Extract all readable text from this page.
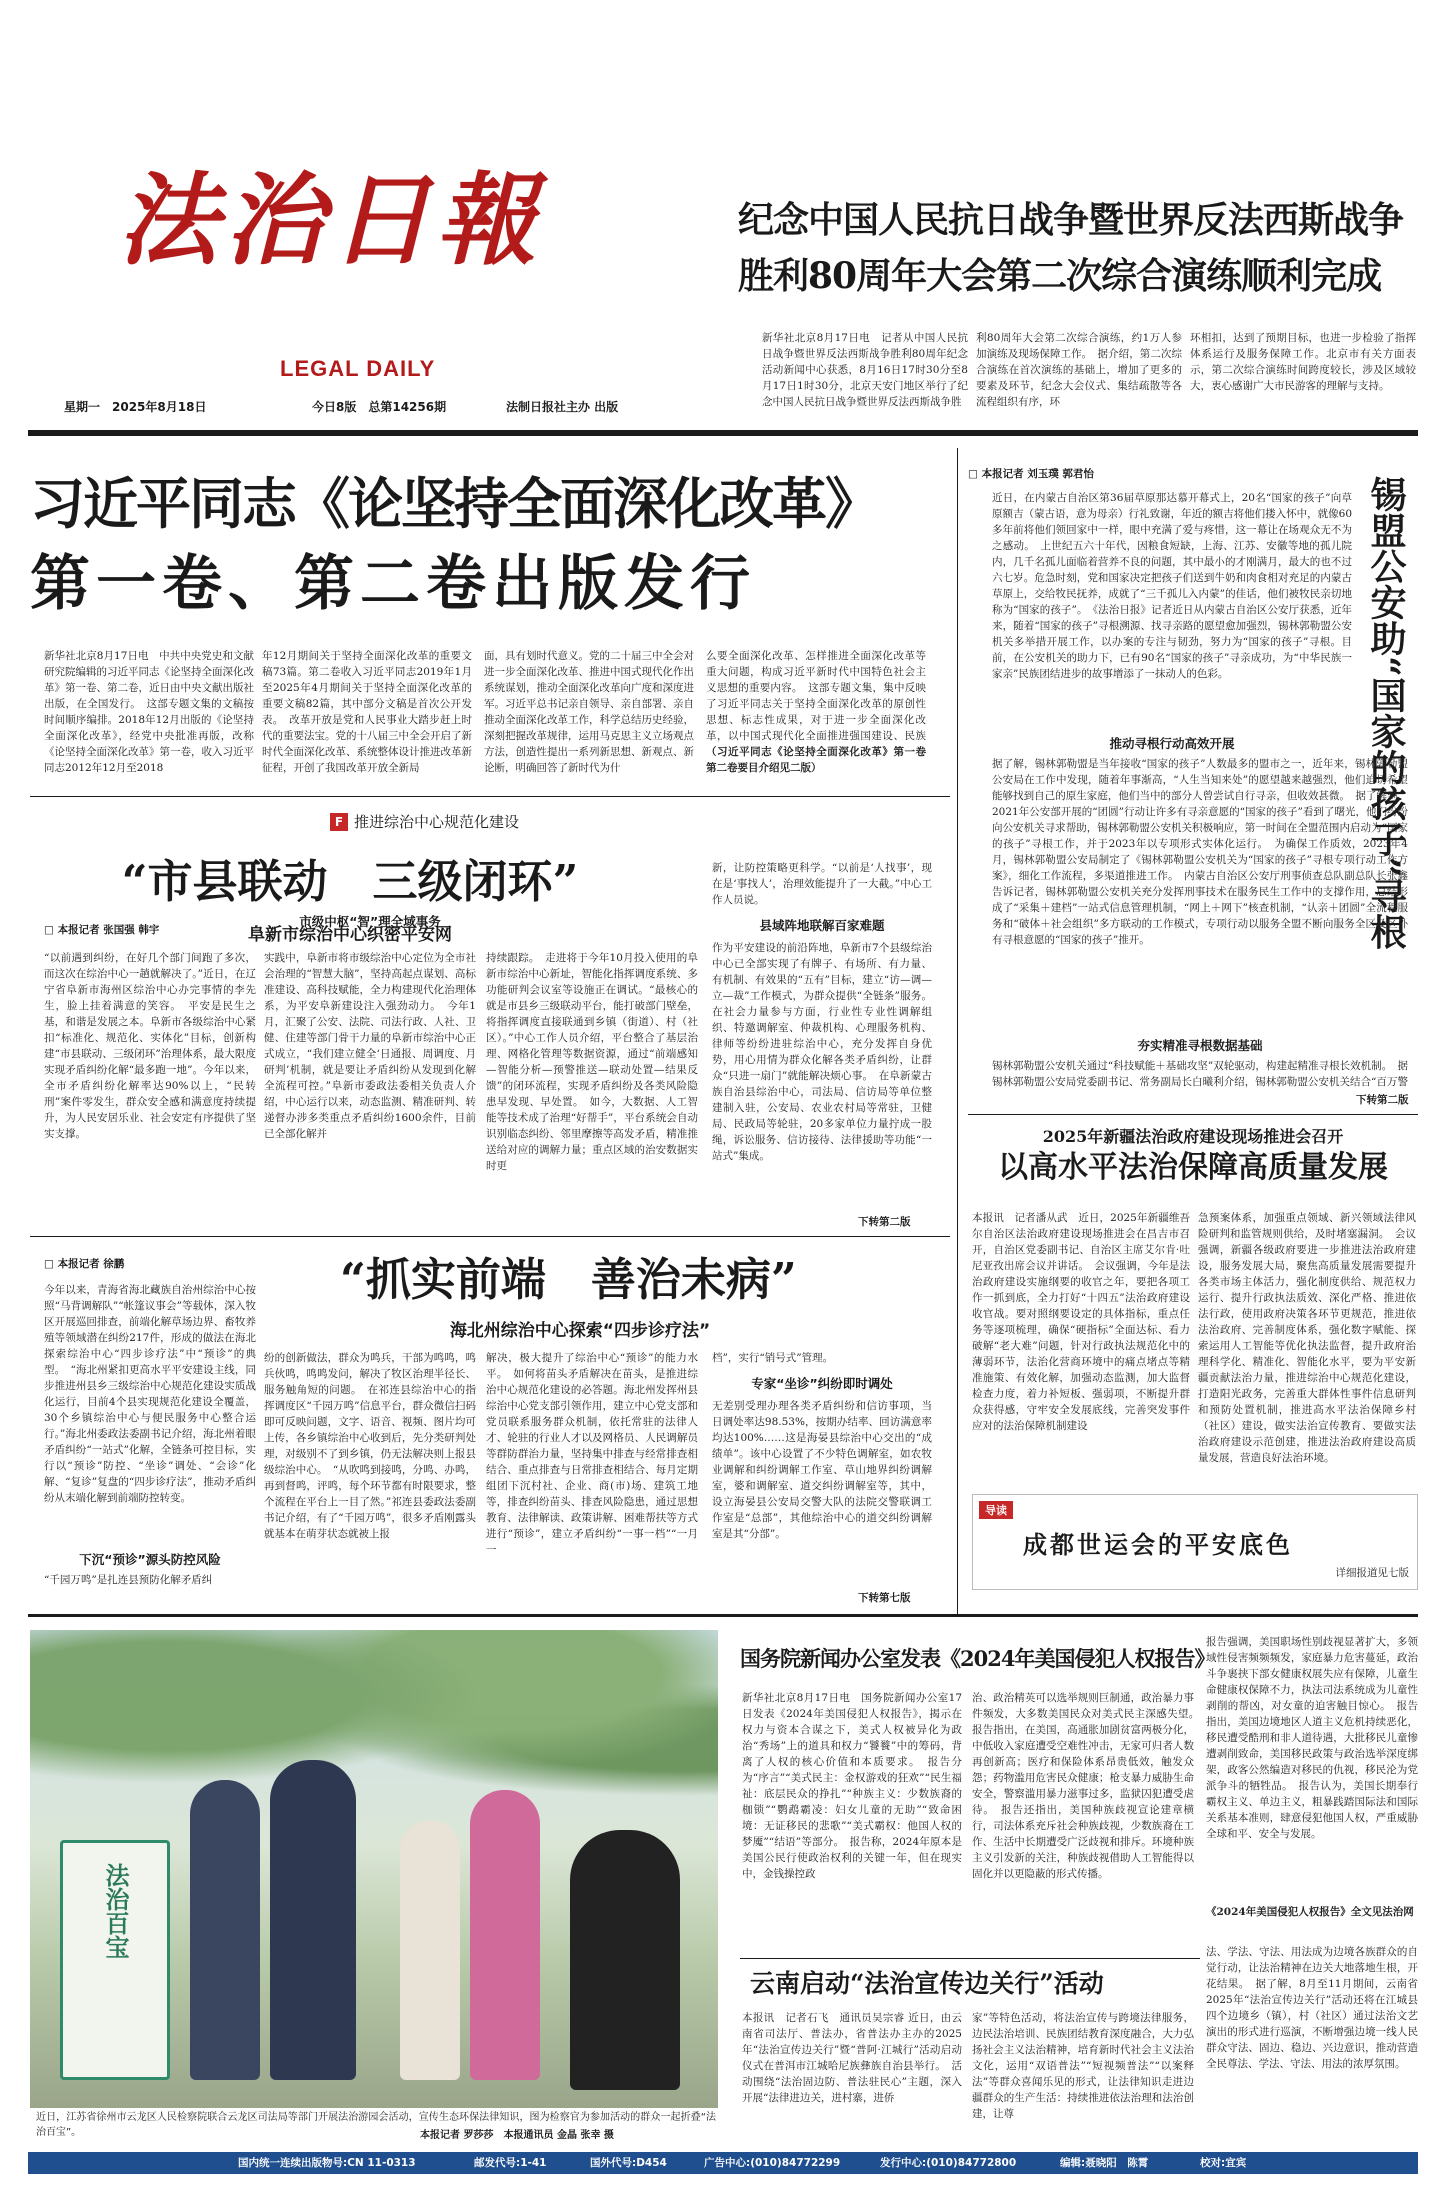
法治日報
LEGAL DAILY
星期一　2025年8月18日	今日8版　总第14256期	法制日报社主办 出版
纪念中国人民抗日战争暨世界反法西斯战争
胜利80周年大会第二次综合演练顺利完成
新华社北京8月17日电　记者从中国人民抗日战争暨世界反法西斯战争胜利80周年纪念活动新闻中心获悉，8月16日17时30分至8月17日1时30分，北京天安门地区举行了纪念中国人民抗日战争暨世界反法西斯战争胜
利80周年大会第二次综合演练，约1万人参加演练及现场保障工作。　据介绍，第二次综合演练在首次演练的基础上，增加了更多的要素及环节，纪念大会仪式、集结疏散等各流程组织有序，环
环相扣，达到了预期目标，也进一步检验了指挥体系运行及服务保障工作。北京市有关方面表示，第二次综合演练时间跨度较长，涉及区域较大，衷心感谢广大市民游客的理解与支持。
习近平同志《论坚持全面深化改革》
第一卷、第二卷出版发行
新华社北京8月17日电　中共中央党史和文献研究院编辑的习近平同志《论坚持全面深化改革》第一卷、第二卷，近日由中央文献出版社出版，在全国发行。　这部专题文集的文稿按时间顺序编排。2018年12月出版的《论坚持全面深化改革》，经党中央批准再版，改称《论坚持全面深化改革》第一卷，收入习近平同志2012年12月至2018
年12月期间关于坚持全面深化改革的重要文稿73篇。第二卷收入习近平同志2019年1月至2025年4月期间关于坚持全面深化改革的重要文稿82篇，其中部分文稿是首次公开发表。　改革开放是党和人民事业大踏步赶上时代的重要法宝。党的十八届三中全会开启了新时代全面深化改革、系统整体设计推进改革新征程，开创了我国改革开放全新局
面，具有划时代意义。党的二十届三中全会对进一步全面深化改革、推进中国式现代化作出系统谋划，推动全面深化改革向广度和深度进军。习近平总书记亲自领导、亲自部署、亲自推动全面深化改革工作，科学总结历史经验，深刻把握改革规律，运用马克思主义立场观点方法，创造性提出一系列新思想、新观点、新论断，明确回答了新时代为什
么要全面深化改革、怎样推进全面深化改革等重大问题，构成习近平新时代中国特色社会主义思想的重要内容。　这部专题文集，集中反映了习近平同志关于坚持全面深化改革的原创性思想、标志性成果，对于进一步全面深化改革，以中国式现代化全面推进强国建设、民族
（习近平同志《论坚持全面深化改革》第一卷第二卷要目介绍见二版）
F 推进综治中心规范化建设
“市县联动　三级闭环”
阜新市综治中心织密平安网
□ 本报记者 张国强 韩宇
“以前遇到纠纷，在好几个部门间跑了多次，而这次在综治中心一趟就解决了。”近日，在辽宁省阜新市海州区综治中心办完事情的李先生，脸上挂着满意的笑容。　平安是民生之基，和谐是发展之本。阜新市各级综治中心紧扣“标准化、规范化、实体化”目标，创新构建“市县联动、三级闭环”治理体系，最大限度实现矛盾纠纷化解“最多跑一地”。今年以来，全市矛盾纠纷化解率达90%以上，“民转刑”案件零发生，群众安全感和满意度持续提升，为人民安居乐业、社会安定有序提供了坚实支撑。
市级中枢“智”理全域事务
实践中，阜新市将市级综治中心定位为全市社会治理的“智慧大脑”，坚持高起点谋划、高标准建设、高科技赋能，全力构建现代化治理体系，为平安阜新建设注入强劲动力。　今年1月，汇聚了公安、法院、司法行政、人社、卫健、住建等部门骨干力量的阜新市综治中心正式成立，“我们建立健全‘日通报、周调度、月研判’机制，就是要让矛盾纠纷从发现到化解全流程可控。”阜新市委政法委相关负责人介绍，中心运行以来，动态监测、精准研判、转递督办涉多类重点矛盾纠纷1600余件，目前已全部化解并
持续跟踪。　走进将于今年10月投入使用的阜新市综治中心新址，智能化指挥调度系统、多功能研判会议室等设施正在调试。“最核心的就是市县乡三级联动平台，能打破部门壁垒，将指挥调度直接联通到乡镇（街道）、村（社区）。”中心工作人员介绍，平台整合了基层治理、网格化管理等数据资源，通过“前端感知—智能分析—预警推送—联动处置—结果反馈”的闭环流程，实现矛盾纠纷及各类风险隐患早发现、早处置。　如今，大数据、人工智能等技术成了治理“好帮手”，平台系统会自动识别临态纠纷、邻里摩擦等高发矛盾，精准推送给对应的调解力量；重点区域的治安数据实时更
新，让防控策略更科学。“以前是‘人找事’，现在是‘事找人’，治理效能提升了一大截。”中心工作人员说。
县域阵地联解百家难题
作为平安建设的前沿阵地，阜新市7个县级综治中心已全部实现了有牌子、有场所、有力量、有机制、有效果的“五有”目标，建立“访—调—立—裁”工作模式，为群众提供“全链条”服务。在社会力量参与方面，行业性专业性调解组织、特邀调解室、仲裁机构、心理服务机构、律师等纷纷进驻综治中心，充分发挥自身优势，用心用情为群众化解各类矛盾纠纷，让群众“只进一扇门”就能解决烦心事。　在阜新蒙古族自治县综治中心，司法局、信访局等单位整建制入驻，公安局、农业农村局等常驻，卫健局、民政局等轮驻，20多家单位力量拧成一股绳，诉讼服务、信访接待、法律援助等功能“一站式”集成。
下转第二版
“抓实前端　善治未病”
海北州综治中心探索“四步诊疗法”
□ 本报记者 徐鹏
今年以来，青海省海北藏族自治州综治中心按照“马背调解队”“帐篷议事会”等载体，深入牧区开展巡回排查，前端化解草场边界、畜牧养殖等领域潜在纠纷217件，形成的做法在海北探索综治中心“四步诊疗法”中“预诊”的典型。　“海北州紧扣更高水平平安建设主线，同步推进州县乡三级综治中心规范化建设实质战化运行，目前4个县实现规范化建设全覆盖，30个乡镇综治中心与便民服务中心整合运行。”海北州委政法委副书记介绍，海北州着眼矛盾纠纷“一站式”化解，全链条可控目标，实行以“预诊”防控、“坐诊”调处、“会诊”化解、“复诊”复盘的“四步诊疗法”，推动矛盾纠纷从末端化解到前端防控转变。
下沉“预诊”源头防控风险
“千园万鸣”是扎连县预防化解矛盾纠
纷的创新做法，群众为鸣兵，干部为鸣鸣，鸣兵伙鸣，鸣鸣发问，解决了牧区治理半径长、服务触角短的问题。　在祁连县综治中心的指挥调度区“千园万鸣”信息平台，群众微信扫码即可反映问题，文字、语音、视频、图片均可上传，各乡镇综治中心收到后，先分类研判处理，对级别不了到乡镇，仍无法解决则上报县级综治中心。　“从吹鸣到接鸣，分鸣、办鸣，再到督鸣，评鸣，每个环节都有时限要求，整个流程在平台上一目了然。”祁连县委政法委副书记介绍，有了“千园万鸣”，很多矛盾刚露头就基本在萌芽状态就被上报
解决，极大提升了综治中心“预诊”的能力水平。　如何将苗头矛盾解决在苗头，是推进综治中心规范化建设的必答题。海北州发挥州县综治中心党支部引领作用，建立中心党支部和党员联系服务群众机制，依托常驻的法律人才、轮驻的行业人才以及网格员、人民调解员等群防群治力量，坚持集中排查与经常排查相结合、重点排查与日常排查相结合、每月定期组团下沉村社、企业、商(市)场、建筑工地等，排查纠纷苗头、排查风险隐患，通过思想教育、法律解读、政策讲解、困难帮扶等方式进行“预诊”，建立矛盾纠纷“一事一档”“一月一
档”，实行“销号式”管理。
专家“坐诊”纠纷即时调处
无差别受理办理各类矛盾纠纷和信访事项，当日调处率达98.53%，按期办结率、回访满意率均达100%……这是海晏县综治中心交出的“成绩单”。该中心设置了不少特色调解室，如农牧业调解和纠纷调解工作室、草山地界纠纷调解室，婆和调解室、道交纠纷调解室等，其中，设立海晏县公安局交警大队的法院交警联调工作室是“总部”，其他综治中心的道交纠纷调解室是其“分部”。
下转第七版
□ 本报记者 刘玉璞 郭君怡
锡盟公安助“国家的孩子”寻根
近日，在内蒙古自治区第36届草原那达慕开幕式上，20名“国家的孩子”向草原额吉（蒙古语，意为母亲）行礼致谢，年近的额吉将他们搂入怀中，就像60多年前将他们领回家中一样，眼中充满了爱与疼惜，这一幕让在场观众无不为之感动。　上世纪五六十年代，因粮食短缺，上海、江苏、安徽等地的孤儿院内，几千名孤儿面临着营养不良的问题，其中最小的才刚满月，最大的也不过六七岁。危急时刻，党和国家决定把孩子们送到牛奶和肉食相对充足的内蒙古草原上，交给牧民抚养，成就了“三千孤儿入内蒙”的佳话，他们被牧民亲切地称为“国家的孩子”。　《法治日报》记者近日从内蒙古自治区公安厅获悉，近年来，随着“国家的孩子”寻根溯源、找寻亲路的愿望愈加强烈，锡林郭勒盟公安机关多举措开展工作，以办案的专注与韧劲，努力为“国家的孩子”寻根。目前，在公安机关的助力下，已有90名“国家的孩子”寻亲成功，为“中华民族一家亲”民族团结进步的故事增添了一抹动人的色彩。
推动寻根行动高效开展
据了解，锡林郭勒盟是当年接收“国家的孩子”人数最多的盟市之一，近年来，锡林郭勒盟公安局在工作中发现，随着年事渐高，“人生当知来处”的愿望越来越强烈，他们迫切希望能够找到自己的原生家庭，他们当中的部分人曾尝试自行寻亲，但收效甚微。　据了解到，2021年公安部开展的“团圆”行动让许多有寻亲意愿的“国家的孩子”看到了曙光，他们纷纷向公安机关寻求帮助，锡林郭勒盟公安机关积极响应，第一时间在全盟范围内启动为“国家的孩子”寻根工作，并于2023年以专项形式实体化运行。　为确保工作质效，2023年4月，锡林郭勒盟公安局制定了《锡林郭勒盟公安机关为“国家的孩子”寻根专项行动工作方案》，细化工作流程，多渠道推进工作。　内蒙古自治区公安厅刑事侦查总队副总队长张鑫告诉记者，锡林郭勒盟公安机关充分发挥刑事技术在服务民生工作中的支撑作用，总结形成了“采集＋建档”一站式信息管理机制，“网上＋网下”核查机制，“认亲＋团圆”全流程服务和“破体＋社会组织”多方联动的工作模式，专项行动以服务全盟不断向服务全区及区外有寻根意愿的“国家的孩子”推开。
夯实精准寻根数据基础
锡林郭勒盟公安机关通过“科技赋能＋基础攻坚”双轮驱动，构建起精准寻根长效机制。　据锡林郭勒盟公安局党委副书记、常务副局长白曦利介绍，锡林郭勒盟公安机关结合“百万警
下转第二版
2025年新疆法治政府建设现场推进会召开
以高水平法治保障高质量发展
本报讯　记者潘从武　近日，2025年新疆维吾尔自治区法治政府建设现场推进会在昌吉市召开，自治区党委副书记、自治区主席艾尔肯·吐尼亚孜出席会议并讲话。　会议强调，今年是法治政府建设实施纲要的收官之年，要把各项工作一抓到底，全力打好“十四五”法治政府建设收官战。要对照纲要设定的具体指标，重点任务等逐项梳理，确保“硬指标”全面达标、看力破解“老大难”问题，针对行政执法规范化中的薄弱环节，法治化营商环境中的痛点堵点等精准施策、有效化解，加强动态监测，加大监督检查力度，着力补短板、强弱项，不断提升群众获得感，守牢安全发展底线，完善突发事件应对的法治保障机制建设
急预案体系，加强重点领域、新兴领域法律风险研判和监管规则供给，及时堵塞漏洞。　会议强调，新疆各级政府要进一步推进法治政府建设，服务发展大局，聚焦高质量发展需要提升各类市场主体活力，强化制度供给、规范权力运行、提升行政执法质效、深化严格、推进依法行政，使用政府决策各环节更规范，推进依法治政府、完善制度体系，强化数字赋能、探索运用人工智能等优化执法监督，提升政府治理科学化、精准化、智能化水平，要为平安新疆贡献法治力量，推进综治中心规范化建设，打造阳光政务，完善重大群体性事件信息研判和预防处置机制，推进高水平法治保障乡村（社区）建设，做实法治宣传教育、要做实法治政府建设示范创建，推进法治政府建设高质量发展，营造良好法治环境。
导读
成都世运会的平安底色
详细报道见七版
法治百宝
近日，江苏省徐州市云龙区人民检察院联合云龙区司法局等部门开展法治游园会活动，宣传生态环保法律知识，图为检察官为参加活动的群众一起折叠“法治百宝”。	本报记者 罗莎莎　本报通讯员 金晶 张幸 摄
国务院新闻办公室发表《2024年美国侵犯人权报告》
新华社北京8月17日电　国务院新闻办公室17日发表《2024年美国侵犯人权报告》，揭示在权力与资本合谋之下，美式人权被异化为政治“秀场”上的道具和权力“饕餮”中的筹码，背离了人权的核心价值和本质要求。　报告分为“序言”“美式民主：金权游戏的狂欢”“民生福祉：底层民众的挣扎”“种族主义：少数族裔的枷锁”“鹦鹉霸凌：妇女儿童的无助”“致命困境：无证移民的悲歌”“美式霸权：他国人权的梦魇”“结语”等部分。　报告称，2024年原本是美国公民行使政治权利的关键一年，但在现实中，金钱操控政
治、政治精英可以选举规则巨制通，政治暴力事件频发，大多数美国民众对美式民主深感失望。　报告指出，在美国，高通胀加剧贫富两极分化，中低收入家庭遭受空难性冲击，无家可归者人数再创新高；医疗和保险体系昂贵低效，触发众怨；药物滥用危害民众健康；枪支暴力威胁生命安全，警察滥用暴力滋事过多，监狱囚犯遭受虐待。　报告还指出，美国种族歧视宣论建章横行，司法体系充斥社会种族歧视，少数族裔在工作、生活中长期遭受广泛歧视和排斥。环境种族主义引发新的关注，种族歧视借助人工智能得以固化并以更隐蔽的形式传播。
报告强调，美国职场性别歧视显著扩大，多领域性侵害频频频发，家庭暴力危害蔓延，政治斗争裹挟下部女健康权展失应有保障，儿童生命健康权保障不力，执法司法系统成为儿童性剥削的帮凶，对女童的迫害触目惊心。　报告指出，美国边境地区人道主义危机持续恶化，移民遭受酷刑和非人道待遇，大批移民儿童惨遭剥削致命，美国移民政策与政治选举深度绑架，政客公然编造对移民的仇视，移民沦为党派争斗的牺牲品。　报告认为，美国长期奉行霸权主义、单边主义，粗暴践踏国际法和国际关系基本准则，肆意侵犯他国人权，严重威胁全球和平、安全与发展。
《2024年美国侵犯人权报告》全文见法治网
云南启动“法治宣传边关行”活动
本报讯　记者石飞　通讯员吴宗睿 近日，由云南省司法厅、普法办，省普法办主办的2025年“法治宣传边关行”暨“普阿·江城行”活动启动仪式在普洱市江城哈尼族彝族自治县举行。　活动围绕“法治固边防、普法驻民心”主题，深入开展“法律进边关，进村寨，进侨
家”等特色活动，将法治宣传与跨境法律服务，边民法治培训、民族团结教育深度融合，大力弘扬社会主义法治精神，培育新时代社会主义法治文化，运用“双语普法”“短视频普法”“以案释法”等群众喜闻乐见的形式，让法律知识走进边疆群众的生产生活：持续推进依法治理和法治创建，让尊
法、学法、守法、用法成为边境各族群众的自觉行动，让法治精神在边关大地落地生根，开花结果。　据了解，8月至11月期间，云南省2025年“法治宣传边关行”活动还将在江城县四个边境乡（镇），村（社区）通过法治文艺演出的形式进行巡演，不断增强边境一线人民群众守法、固边、稳边、兴边意识，推动营造全民尊法、学法、守法、用法的浓厚氛围。
国内统一连续出版物号:CN 11-0313	邮发代号:1-41	国外代号:D454	广告中心:(010)84772299	发行中心:(010)84772800	编辑:聂晓阳　陈霄	校对:宜宾
